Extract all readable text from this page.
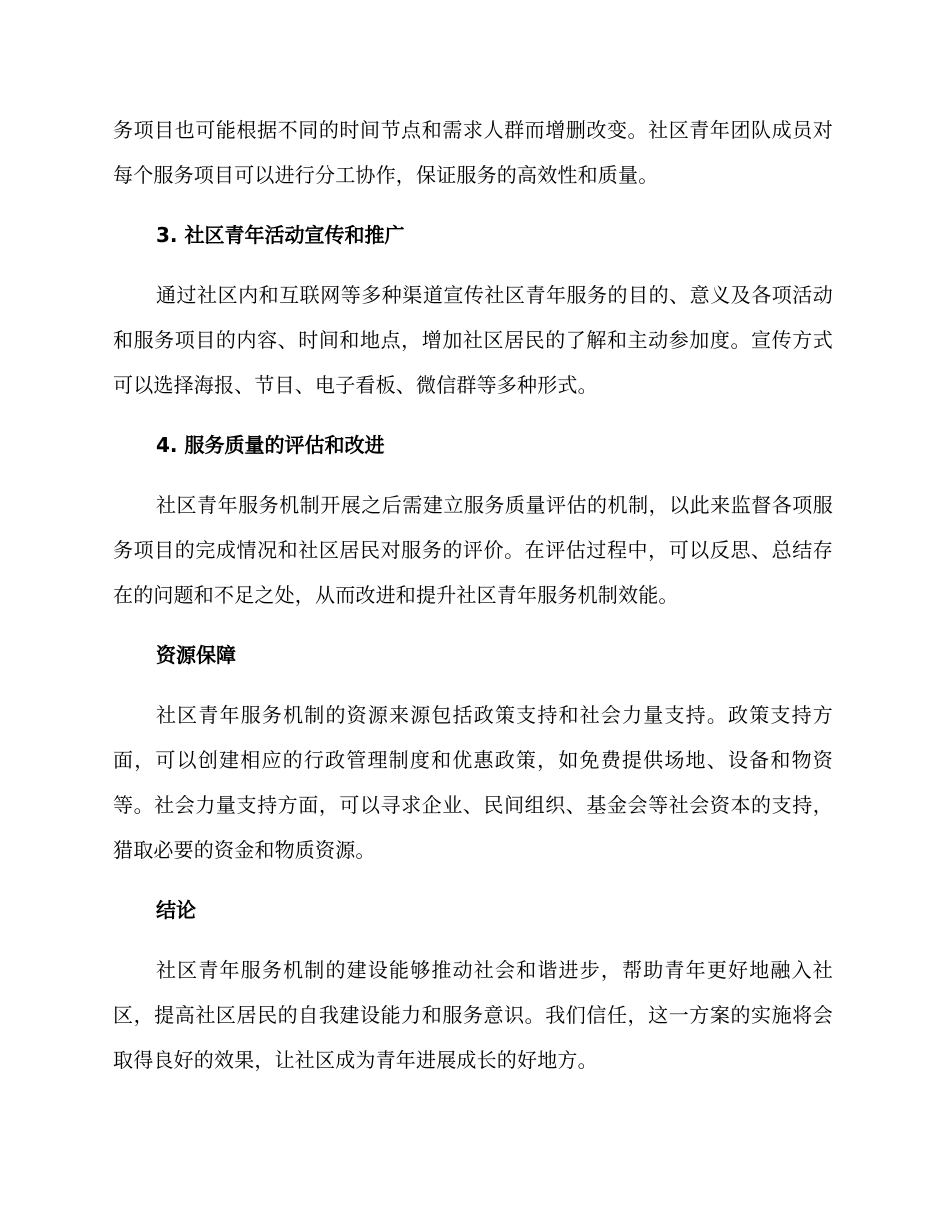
务项目也可能根据不同的时间节点和需求人群而增删改变。社区青年团队成员对每个服务项目可以进行分工协作，保证服务的高效性和质量。

3. 社区青年活动宣传和推广

通过社区内和互联网等多种渠道宣传社区青年服务的目的、意义及各项活动和服务项目的内容、时间和地点，增加社区居民的了解和主动参加度。宣传方式可以选择海报、节目、电子看板、微信群等多种形式。

4. 服务质量的评估和改进

社区青年服务机制开展之后需建立服务质量评估的机制，以此来监督各项服务项目的完成情况和社区居民对服务的评价。在评估过程中，可以反思、总结存在的问题和不足之处，从而改进和提升社区青年服务机制效能。

资源保障

社区青年服务机制的资源来源包括政策支持和社会力量支持。政策支持方面，可以创建相应的行政管理制度和优惠政策，如免费提供场地、设备和物资等。社会力量支持方面，可以寻求企业、民间组织、基金会等社会资本的支持，猎取必要的资金和物质资源。

结论

社区青年服务机制的建设能够推动社会和谐进步，帮助青年更好地融入社区，提高社区居民的自我建设能力和服务意识。我们信任，这一方案的实施将会取得良好的效果，让社区成为青年进展成长的好地方。
